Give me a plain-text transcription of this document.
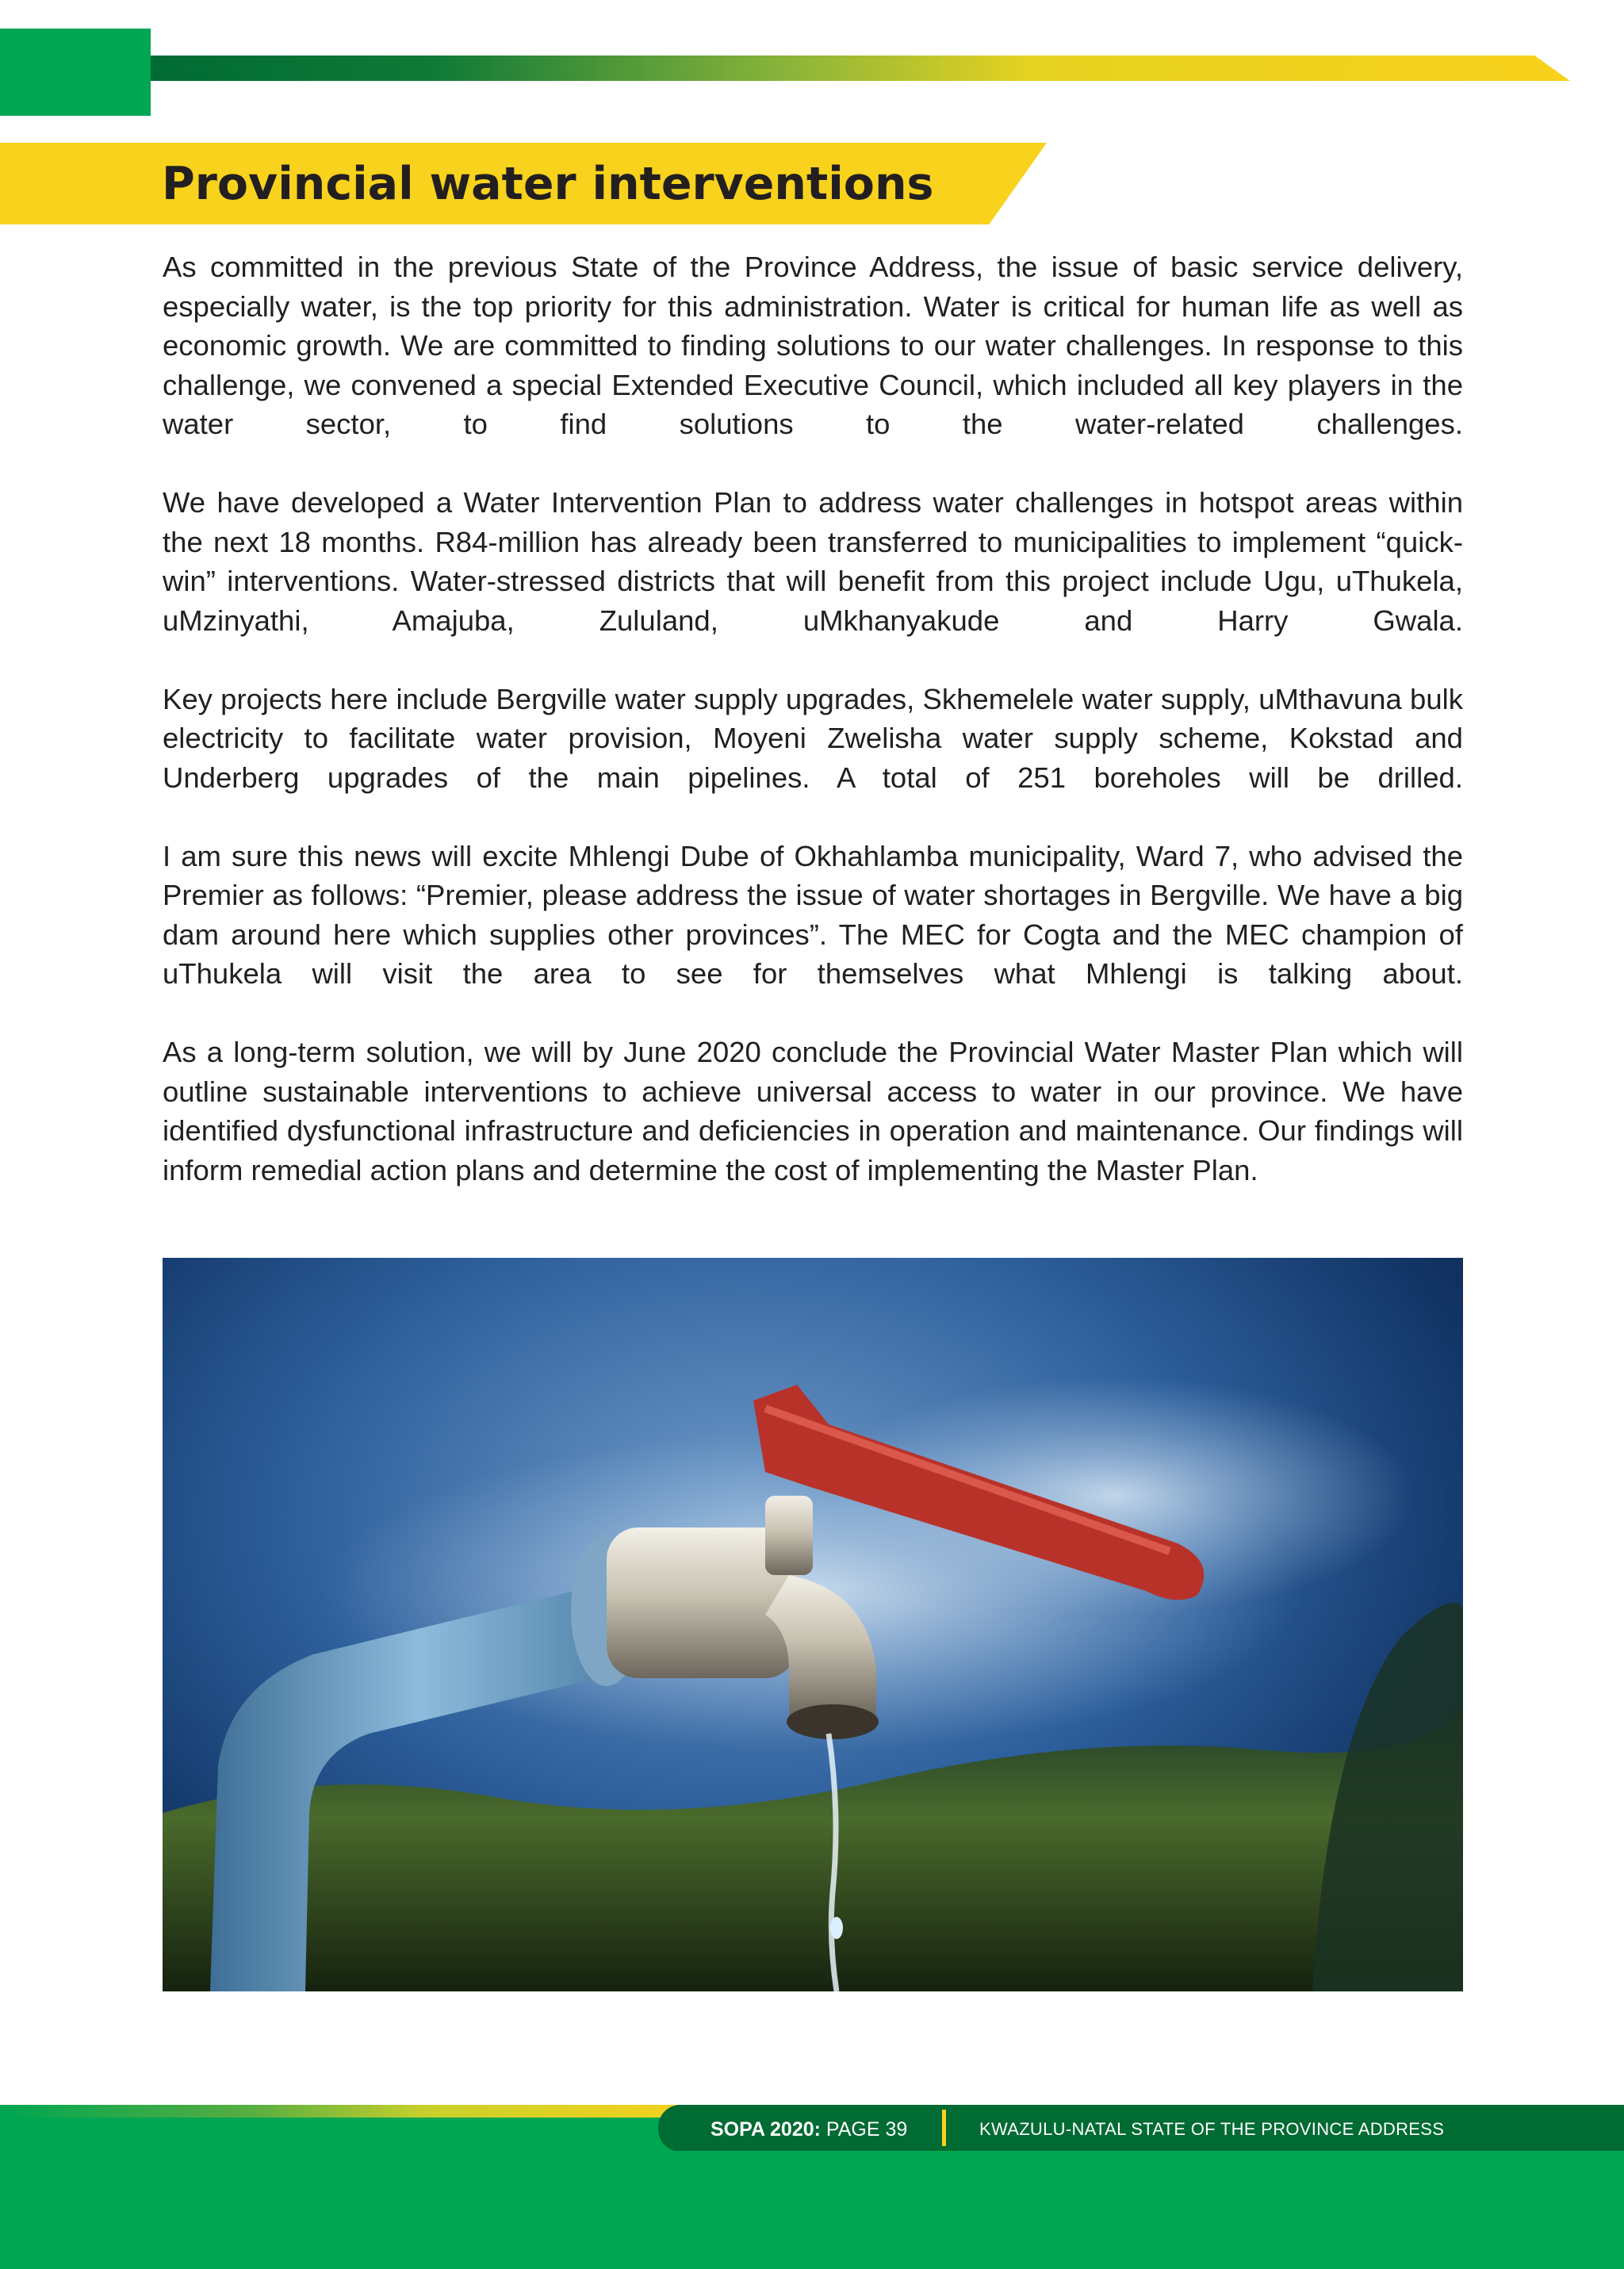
Provincial water interventions

As committed in the previous State of the Province Address, the issue of basic service delivery, especially water, is the top priority for this administration. Water is critical for human life as well as economic growth. We are committed to finding solutions to our water challenges. In response to this challenge, we convened a special Extended Executive Council, which included all key players in the water sector, to find solutions to the water-related challenges.

We have developed a Water Intervention Plan to address water challenges in hotspot areas within the next 18 months. R84-million has already been transferred to municipalities to implement “quick-win” interventions. Water-stressed districts that will benefit from this project include Ugu, uThukela, uMzinyathi, Amajuba, Zululand, uMkhanyakude and Harry Gwala.

Key projects here include Bergville water supply upgrades, Skhemelele water supply, uMthavuna bulk electricity to facilitate water provision, Moyeni Zwelisha water supply scheme, Kokstad and Underberg upgrades of the main pipelines. A total of 251 boreholes will be drilled.

I am sure this news will excite Mhlengi Dube of Okhahlamba municipality, Ward 7, who advised the Premier as follows: “Premier, please address the issue of water shortages in Bergville. We have a big dam around here which supplies other provinces”. The MEC for Cogta and the MEC champion of uThukela will visit the area to see for themselves what Mhlengi is talking about.

As a long-term solution, we will by June 2020 conclude the Provincial Water Master Plan which will outline sustainable interventions to achieve universal access to water in our province. We have identified dysfunctional infrastructure and deficiencies in operation and maintenance. Our findings will inform remedial action plans and determine the cost of implementing the Master Plan.

SOPA 2020: PAGE 39	KWAZULU-NATAL STATE OF THE PROVINCE ADDRESS
